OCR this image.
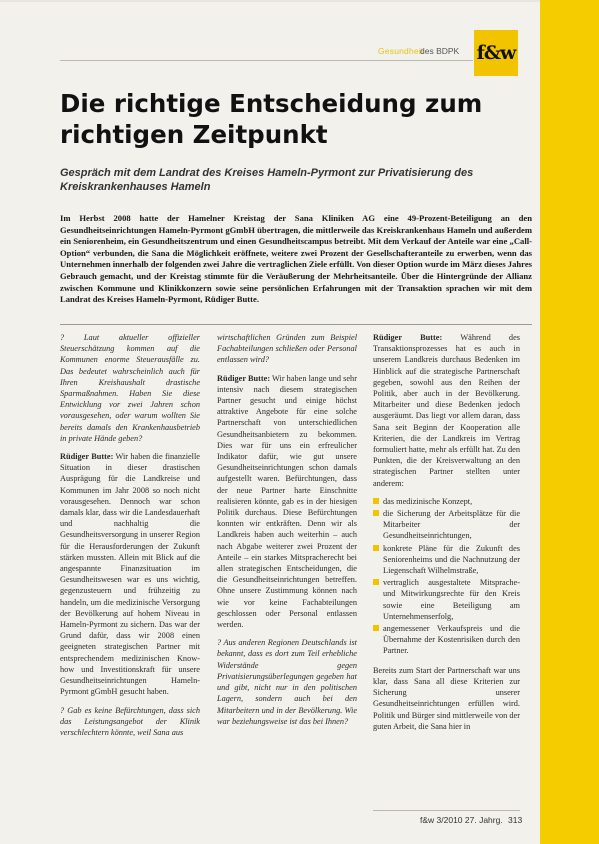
Gesundheit
des BDPK f&w
Die richtige Entscheidung zum richtigen Zeitpunkt
Gespräch mit dem Landrat des Kreises Hameln-Pyrmont zur Privatisierung des Kreiskrankenhauses Hameln
Im Herbst 2008 hatte der Hamelner Kreistag der Sana Kliniken AG eine 49-Prozent-Beteiligung an den Gesundheitseinrichtungen Hameln-Pyrmont gGmbH übertragen, die mittlerweile das Kreiskrankenhaus Hameln und außerdem ein Seniorenheim, ein Gesundheitszentrum und einen Gesundheitscampus betreibt. Mit dem Verkauf der Anteile war eine „Call-Option“ verbunden, die Sana die Möglichkeit eröffnete, weitere zwei Prozent der Gesellschafteranteile zu erwerben, wenn das Unternehmen innerhalb der folgenden zwei Jahre die vertraglichen Ziele erfüllt. Von dieser Option wurde im März dieses Jahres Gebrauch gemacht, und der Kreistag stimmte für die Veräußerung der Mehrheitsanteile. Über die Hintergründe der Allianz zwischen Kommune und Klinikkonzern sowie seine persönlichen Erfahrungen mit der Transaktion sprachen wir mit dem Landrat des Kreises Hameln-Pyrmont, Rüdiger Butte.

? Laut aktueller offizieller Steuerschätzung kommen auf die Kommunen enorme Steuerausfälle zu. Das bedeutet wahrscheinlich auch für Ihren Kreishaushalt drastische Sparmaßnahmen. Haben Sie diese Entwicklung vor zwei Jahren schon vorausgesehen, oder warum wollten Sie bereits damals den Krankenhausbetrieb in private Hände geben?

Rüdiger Butte: Wir haben die finanzielle Situation in dieser drastischen Ausprägung für die Landkreise und Kommunen im Jahr 2008 so noch nicht vorausgesehen. Dennoch war schon damals klar, dass wir die Landesdauerhaft und nachhaltig die Gesundheitsversorgung in unserer Region für die Herausforderungen der Zukunft stärken mussten. Allein mit Blick auf die angespannte Finanzsituation im Gesundheitswesen war es uns wichtig, gegenzusteuern und frühzeitig zu handeln, um die medizinische Versorgung der Bevölkerung auf hohem Niveau in Hameln-Pyrmont zu sichern. Das war der Grund dafür, dass wir 2008 einen geeigneten strategischen Partner mit entsprechendem medizinischen Know-how und Investitionskraft für unsere Gesundheitseinrichtungen Hameln-Pyrmont gGmbH gesucht haben.

? Gab es keine Befürchtungen, dass sich das Leistungsangebot der Klinik verschlechtern könnte, weil Sana aus

wirtschaftlichen Gründen zum Beispiel Fachabteilungen schließen oder Personal entlassen wird?

Rüdiger Butte: Wir haben lange und sehr intensiv nach diesem strategischen Partner gesucht und einige höchst attraktive Angebote für eine solche Partnerschaft von unterschiedlichen Gesundheitsanbietern zu bekommen. Dies war für uns ein erfreulicher Indikator dafür, wie gut unsere Gesundheitseinrichtungen schon damals aufgestellt waren. Befürchtungen, dass der neue Partner harte Einschnitte realisieren könnte, gab es in der hiesigen Politik durchaus. Diese Befürchtungen konnten wir entkräften. Denn wir als Landkreis haben auch weiterhin – auch nach Abgabe weiterer zwei Prozent der Anteile – ein starkes Mitspracherecht bei allen strategischen Entscheidungen, die die Gesundheitseinrichtungen betreffen. Ohne unsere Zustimmung können nach wie vor keine Fachabteilungen geschlossen oder Personal entlassen werden.

? Aus anderen Regionen Deutschlands ist bekannt, dass es dort zum Teil erhebliche Widerstände gegen Privatisierungsüberlegungen gegeben hat und gibt, nicht nur in den politischen Lagern, sondern auch bei den Mitarbeitern und in der Bevölkerung. Wie war beziehungsweise ist das bei Ihnen?

Rüdiger Butte: Während des Transaktionsprozesses hat es auch in unserem Landkreis durchaus Bedenken im Hinblick auf die strategische Partnerschaft gegeben, sowohl aus den Reihen der Politik, aber auch in der Bevölkerung. Mitarbeiter und diese Bedenken jedoch ausgeräumt. Das liegt vor allem daran, dass Sana seit Beginn der Kooperation alle Kriterien, die der Landkreis im Vertrag formuliert hatte, mehr als erfüllt hat. Zu den Punkten, die der Kreisverwaltung an den strategischen Partner stellten unter anderem:

das medizinische Konzept,
die Sicherung der Arbeitsplätze für die Mitarbeiter der Gesundheitseinrichtungen,
konkrete Pläne für die Zukunft des Seniorenheims und die Nachnutzung der Liegenschaft Wilhelmstraße,
vertraglich ausgestaltete Mitsprache- und Mitwirkungsrechte für den Kreis sowie eine Beteiligung am Unternehmenserfolg,
angemessener Verkaufspreis und die Übernahme der Kostenrisiken durch den Partner.

Bereits zum Start der Partnerschaft war uns klar, dass Sana all diese Kriterien zur Sicherung unserer Gesundheitseinrichtungen erfüllen wird. Politik und Bürger sind mittlerweile von der guten Arbeit, die Sana hier in

f&w 3/2010 27. Jahrg. 313
